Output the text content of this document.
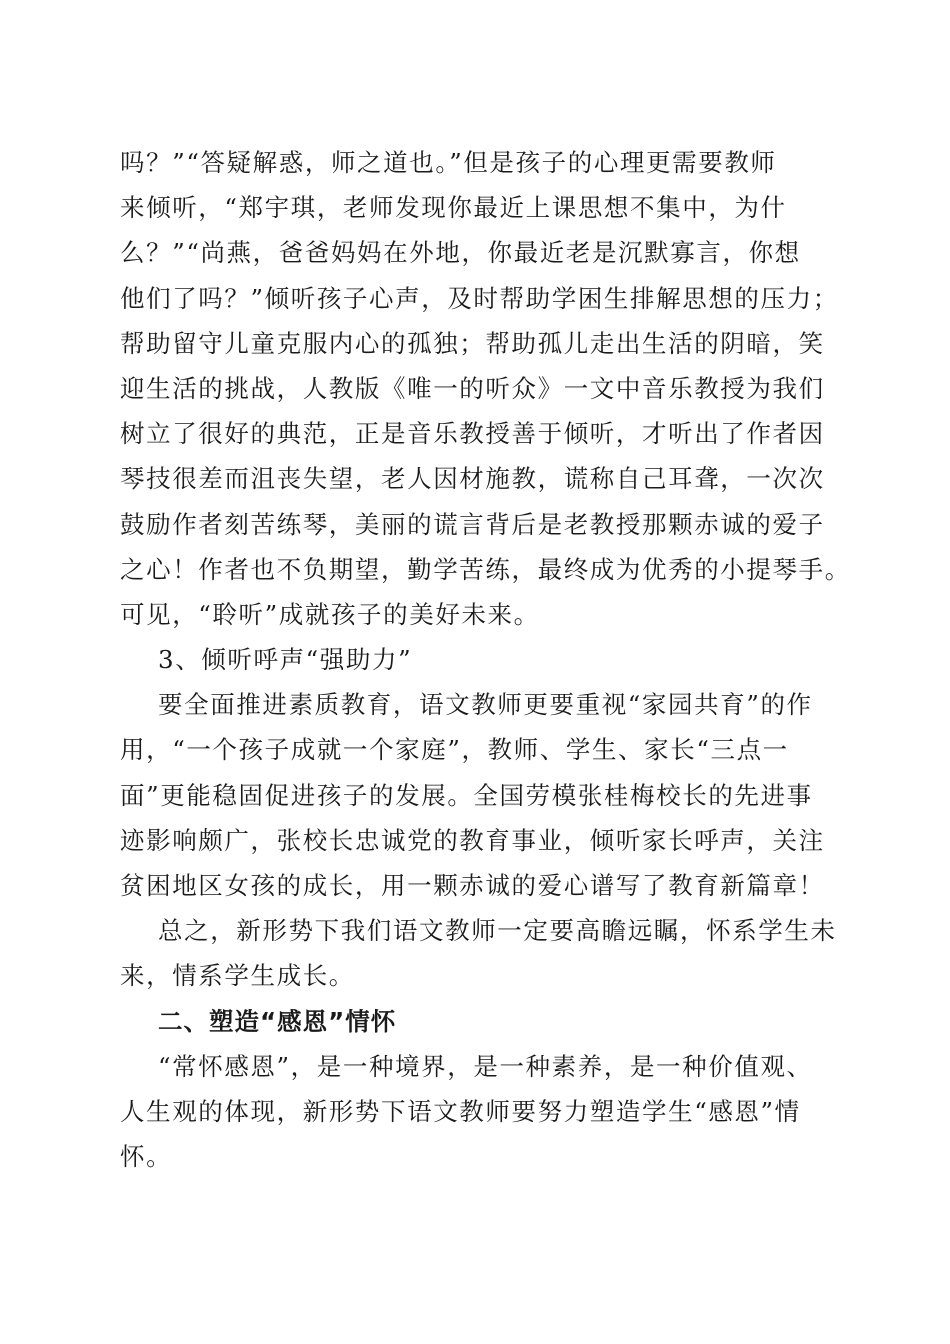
吗？”“答疑解惑，师之道也。”但是孩子的心理更需要教师
来倾听，“郑宇琪，老师发现你最近上课思想不集中，为什
么？”“尚燕，爸爸妈妈在外地，你最近老是沉默寡言，你想
他们了吗？”倾听孩子心声，及时帮助学困生排解思想的压力；
帮助留守儿童克服内心的孤独；帮助孤儿走出生活的阴暗，笑
迎生活的挑战，人教版《唯一的听众》一文中音乐教授为我们
树立了很好的典范，正是音乐教授善于倾听，才听出了作者因
琴技很差而沮丧失望，老人因材施教，谎称自己耳聋，一次次
鼓励作者刻苦练琴，美丽的谎言背后是老教授那颗赤诚的爱子
之心！作者也不负期望，勤学苦练，最终成为优秀的小提琴手。
可见，“聆听”成就孩子的美好未来。
3、倾听呼声“强助力”
要全面推进素质教育，语文教师更要重视“家园共育”的作
用，“一个孩子成就一个家庭”，教师、学生、家长“三点一
面”更能稳固促进孩子的发展。全国劳模张桂梅校长的先进事
迹影响颇广，张校长忠诚党的教育事业，倾听家长呼声，关注
贫困地区女孩的成长，用一颗赤诚的爱心谱写了教育新篇章！
总之，新形势下我们语文教师一定要高瞻远瞩，怀系学生未
来，情系学生成长。
二、塑造“感恩”情怀
“常怀感恩”，是一种境界，是一种素养，是一种价值观、
人生观的体现，新形势下语文教师要努力塑造学生“感恩”情
怀。
